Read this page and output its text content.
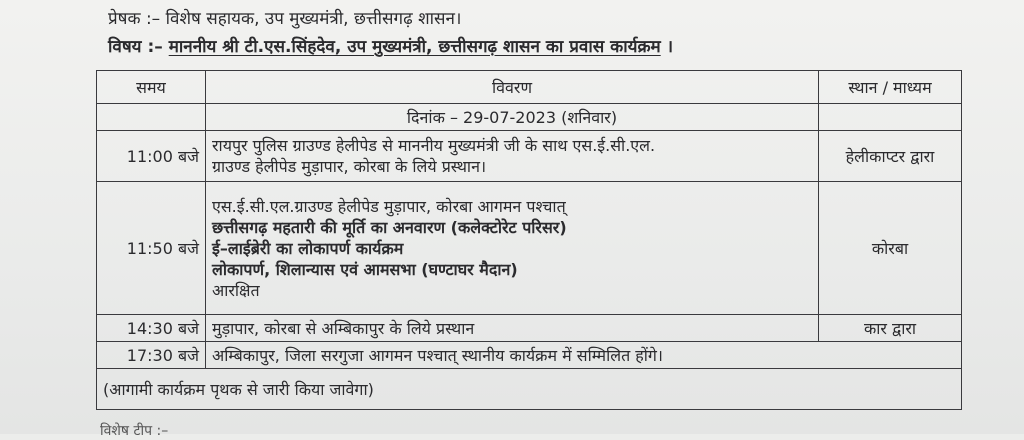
प्रेषक :– विशेष सहायक, उप मुख्यमंत्री, छत्तीसगढ़ शासन।
विषय :– माननीय श्री टी.एस.सिंहदेव, उप मुख्यमंत्री, छत्तीसगढ़ शासन का प्रवास कार्यक्रम ।
समय	विवरण	स्थान / माध्यम
	दिनांक – 29-07-2023 (शनिवार)	
11:00 बजे	रायपुर पुलिस ग्राउण्ड हेलीपेड से माननीय मुख्यमंत्री जी के साथ एस.ई.सी.एल.
ग्राउण्ड हेलीपेड मुड़ापार, कोरबा के लिये प्रस्थान।	हेलीकाप्टर द्वारा
11:50 बजे	एस.ई.सी.एल.ग्राउण्ड हेलीपेड मुड़ापार, कोरबा आगमन पश्चात्
छत्तीसगढ़ महतारी की मूर्ति का अनवारण (कलेक्टोरेट परिसर)
ई–लाईब्रेरी का लोकापर्ण कार्यक्रम
लोकापर्ण, शिलान्यास एवं आमसभा (घण्टाघर मैदान)
आरक्षित	कोरबा
14:30 बजे	मुड़ापार, कोरबा से अम्बिकापुर के लिये प्रस्थान	कार द्वारा
17:30 बजे	अम्बिकापुर, जिला सरगुजा आगमन पश्चात् स्थानीय कार्यक्रम में सम्मिलित होंगे।	

(आगामी कार्यक्रम पृथक से जारी किया जावेगा)		
विशेष टीप :–
